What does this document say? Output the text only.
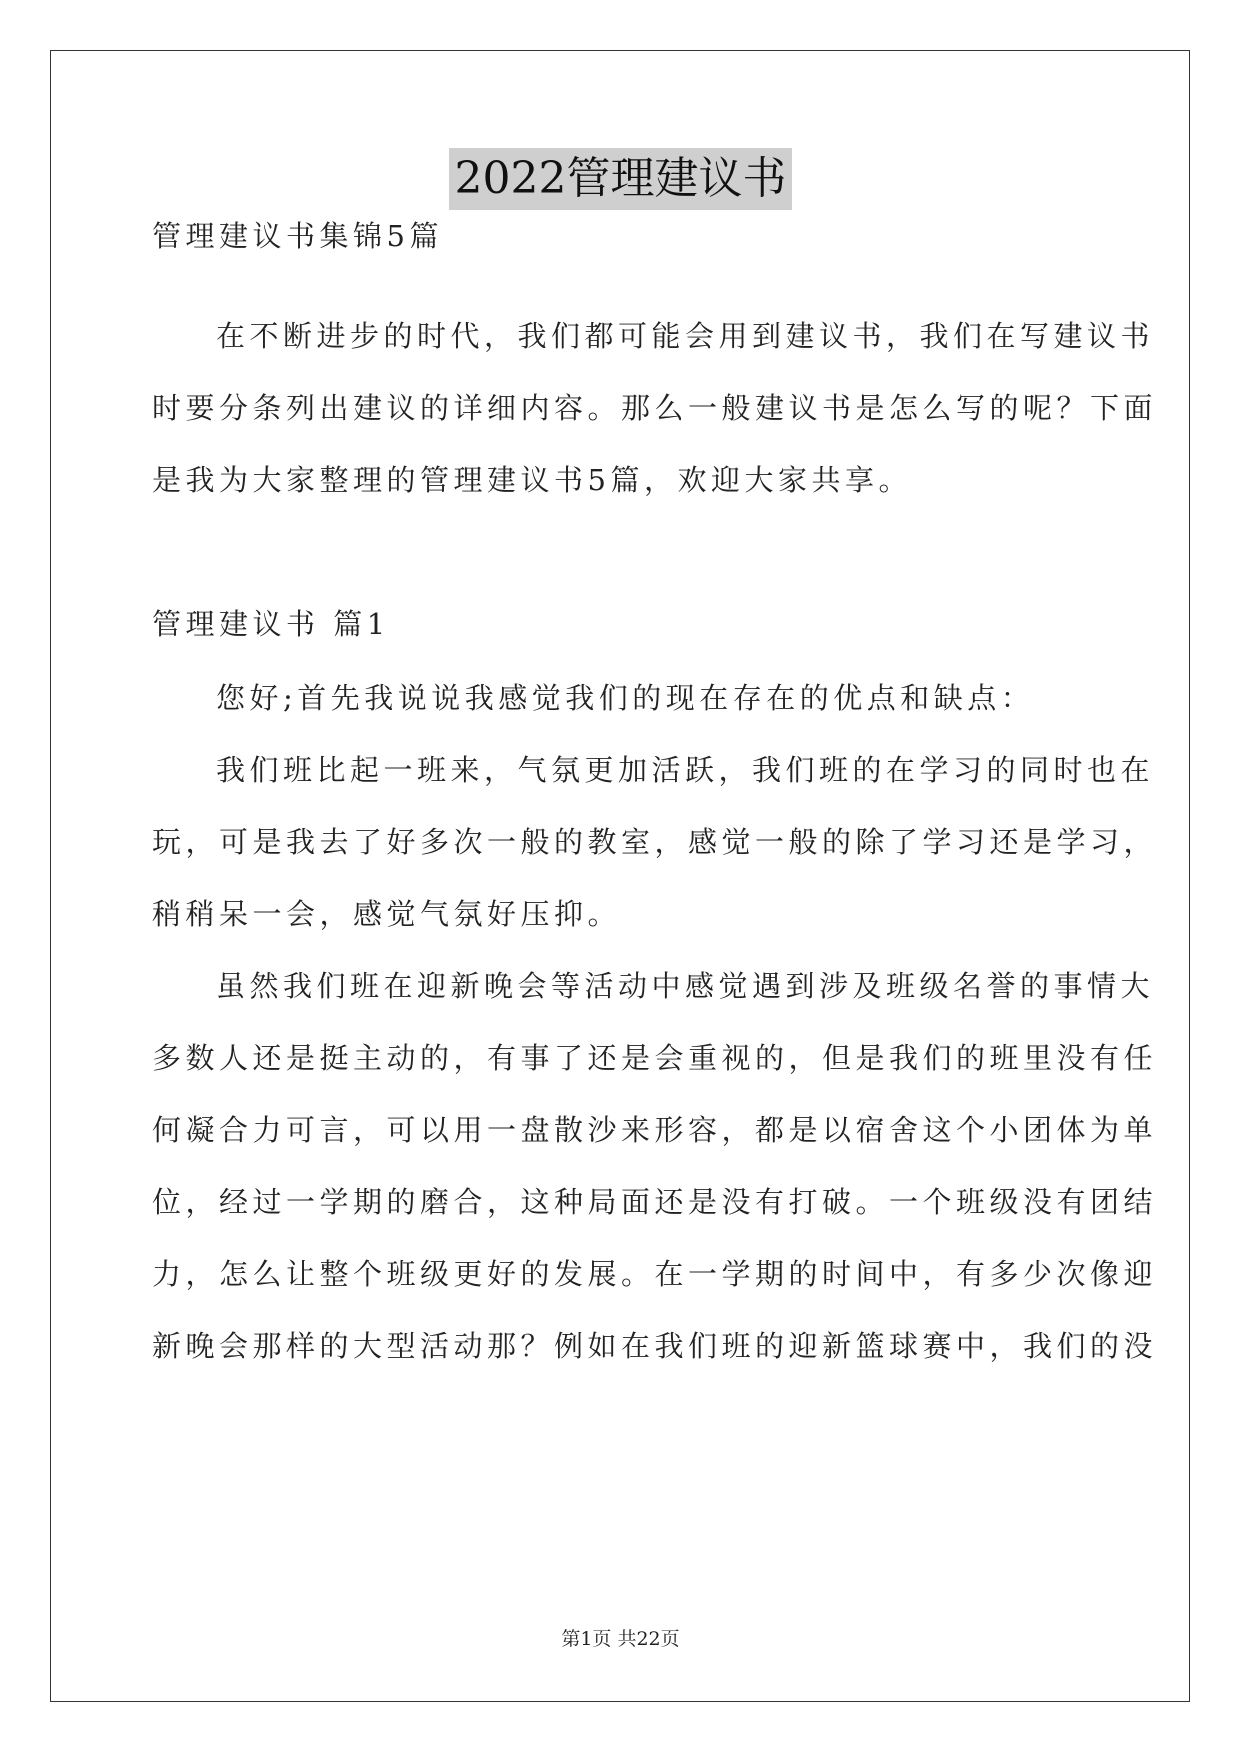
2022管理建议书

管理建议书集锦5篇

在不断进步的时代，我们都可能会用到建议书，我们在写建议书

时要分条列出建议的详细内容。那么一般建议书是怎么写的呢？下面

是我为大家整理的管理建议书5篇，欢迎大家共享。

管理建议书 篇1

您好;首先我说说我感觉我们的现在存在的优点和缺点：

我们班比起一班来，气氛更加活跃，我们班的在学习的同时也在

玩，可是我去了好多次一般的教室，感觉一般的除了学习还是学习，

稍稍呆一会，感觉气氛好压抑。

虽然我们班在迎新晚会等活动中感觉遇到涉及班级名誉的事情大

多数人还是挺主动的，有事了还是会重视的，但是我们的班里没有任

何凝合力可言，可以用一盘散沙来形容，都是以宿舍这个小团体为单

位，经过一学期的磨合，这种局面还是没有打破。一个班级没有团结

力，怎么让整个班级更好的发展。在一学期的时间中，有多少次像迎

新晚会那样的大型活动那？例如在我们班的迎新篮球赛中，我们的没

第1页 共22页
